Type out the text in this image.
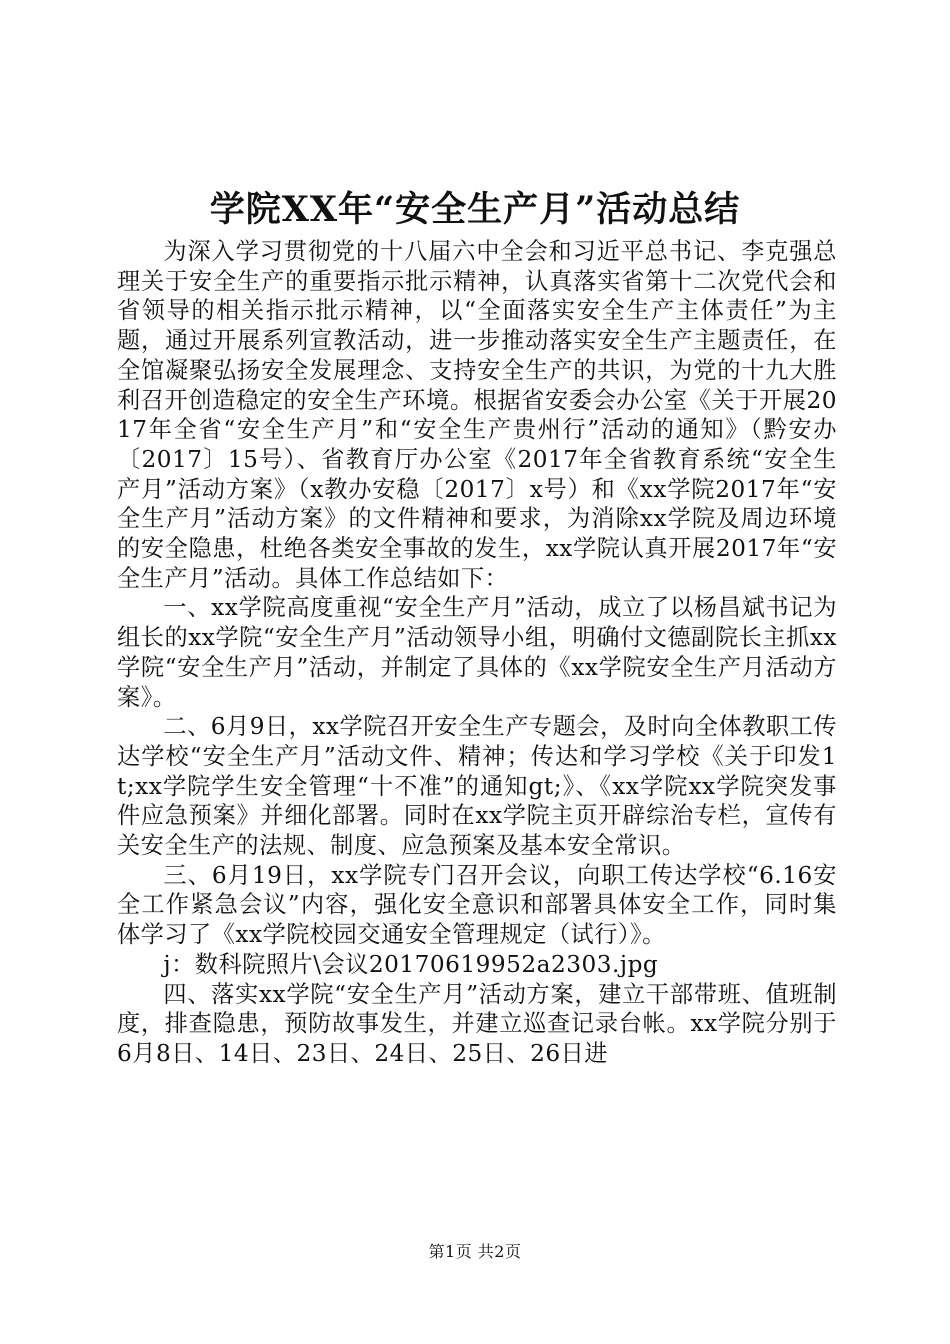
学院XX年“安全生产月”活动总结

为深入学习贯彻党的十八届六中全会和习近平总书记、李克强总理关于安全生产的重要指示批示精神，认真落实省第十二次党代会和省领导的相关指示批示精神，以“全面落实安全生产主体责任”为主题，通过开展系列宣教活动，进一步推动落实安全生产主题责任，在全馆凝聚弘扬安全发展理念、支持安全生产的共识，为党的十九大胜利召开创造稳定的安全生产环境。根据省安委会办公室《关于开展2017年全省“安全生产月”和“安全生产贵州行”活动的通知》（黔安办〔2017〕15号）、省教育厅办公室《2017年全省教育系统“安全生产月”活动方案》（x教办安稳〔2017〕x号）和《xx学院2017年“安全生产月”活动方案》的文件精神和要求，为消除xx学院及周边环境的安全隐患，杜绝各类安全事故的发生，xx学院认真开展2017年“安全生产月”活动。具体工作总结如下：

一、xx学院高度重视“安全生产月”活动，成立了以杨昌斌书记为组长的xx学院“安全生产月”活动领导小组，明确付文德副院长主抓xx学院“安全生产月”活动，并制定了具体的《xx学院安全生产月活动方案》。

二、6月9日，xx学院召开安全生产专题会，及时向全体教职工传达学校“安全生产月”活动文件、精神；传达和学习学校《关于印发1t;xx学院学生安全管理“十不准”的通知gt;》、《xx学院xx学院突发事件应急预案》并细化部署。同时在xx学院主页开辟综治专栏，宣传有关安全生产的法规、制度、应急预案及基本安全常识。

三、6月19日，xx学院专门召开会议，向职工传达学校“6.16安全工作紧急会议”内容，强化安全意识和部署具体安全工作，同时集体学习了《xx学院校园交通安全管理规定（试行）》。

j：数科院照片\会议20170619952a2303.jpg

四、落实xx学院“安全生产月”活动方案，建立干部带班、值班制度，排查隐患，预防故事发生，并建立巡查记录台帐。xx学院分别于6月8日、14日、23日、24日、25日、26日进

第1页 共2页
